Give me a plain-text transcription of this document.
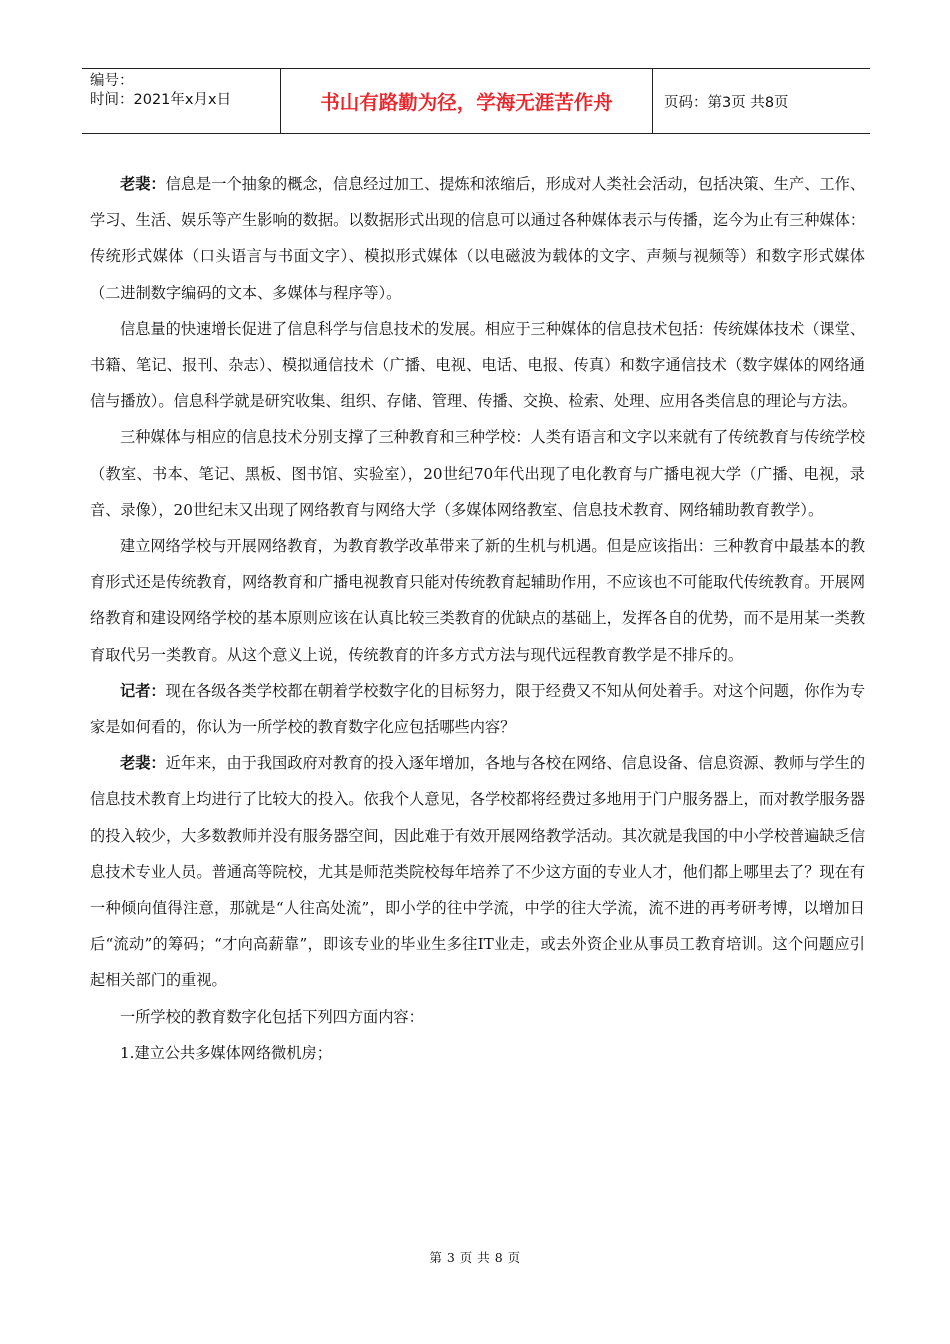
编号：
时间：2021年x月x日	书山有路勤为径，学海无涯苦作舟	页码：第3页 共8页

老裴：信息是一个抽象的概念，信息经过加工、提炼和浓缩后，形成对人类社会活动，包括决策、生产、工作、学习、生活、娱乐等产生影响的数据。以数据形式出现的信息可以通过各种媒体表示与传播，迄今为止有三种媒体：传统形式媒体（口头语言与书面文字）、模拟形式媒体（以电磁波为载体的文字、声频与视频等）和数字形式媒体（二进制数字编码的文本、多媒体与程序等）。

信息量的快速增长促进了信息科学与信息技术的发展。相应于三种媒体的信息技术包括：传统媒体技术（课堂、书籍、笔记、报刊、杂志）、模拟通信技术（广播、电视、电话、电报、传真）和数字通信技术（数字媒体的网络通信与播放）。信息科学就是研究收集、组织、存储、管理、传播、交换、检索、处理、应用各类信息的理论与方法。

三种媒体与相应的信息技术分别支撑了三种教育和三种学校：人类有语言和文字以来就有了传统教育与传统学校（教室、书本、笔记、黑板、图书馆、实验室），20世纪70年代出现了电化教育与广播电视大学（广播、电视，录音、录像），20世纪末又出现了网络教育与网络大学（多媒体网络教室、信息技术教育、网络辅助教育教学）。

建立网络学校与开展网络教育，为教育教学改革带来了新的生机与机遇。但是应该指出：三种教育中最基本的教育形式还是传统教育，网络教育和广播电视教育只能对传统教育起辅助作用，不应该也不可能取代传统教育。开展网络教育和建设网络学校的基本原则应该在认真比较三类教育的优缺点的基础上，发挥各自的优势，而不是用某一类教育取代另一类教育。从这个意义上说，传统教育的许多方式方法与现代远程教育教学是不排斥的。

记者：现在各级各类学校都在朝着学校数字化的目标努力，限于经费又不知从何处着手。对这个问题，你作为专家是如何看的，你认为一所学校的教育数字化应包括哪些内容？

老裴：近年来，由于我国政府对教育的投入逐年增加，各地与各校在网络、信息设备、信息资源、教师与学生的信息技术教育上均进行了比较大的投入。依我个人意见，各学校都将经费过多地用于门户服务器上，而对教学服务器的投入较少，大多数教师并没有服务器空间，因此难于有效开展网络教学活动。其次就是我国的中小学校普遍缺乏信息技术专业人员。普通高等院校，尤其是师范类院校每年培养了不少这方面的专业人才，他们都上哪里去了？现在有一种倾向值得注意，那就是“人往高处流”，即小学的往中学流，中学的往大学流，流不进的再考研考博，以增加日后“流动”的筹码；“才向高薪靠”，即该专业的毕业生多往IT业走，或去外资企业从事员工教育培训。这个问题应引起相关部门的重视。

一所学校的教育数字化包括下列四方面内容：

1.建立公共多媒体网络微机房；

第 3 页 共 8 页
